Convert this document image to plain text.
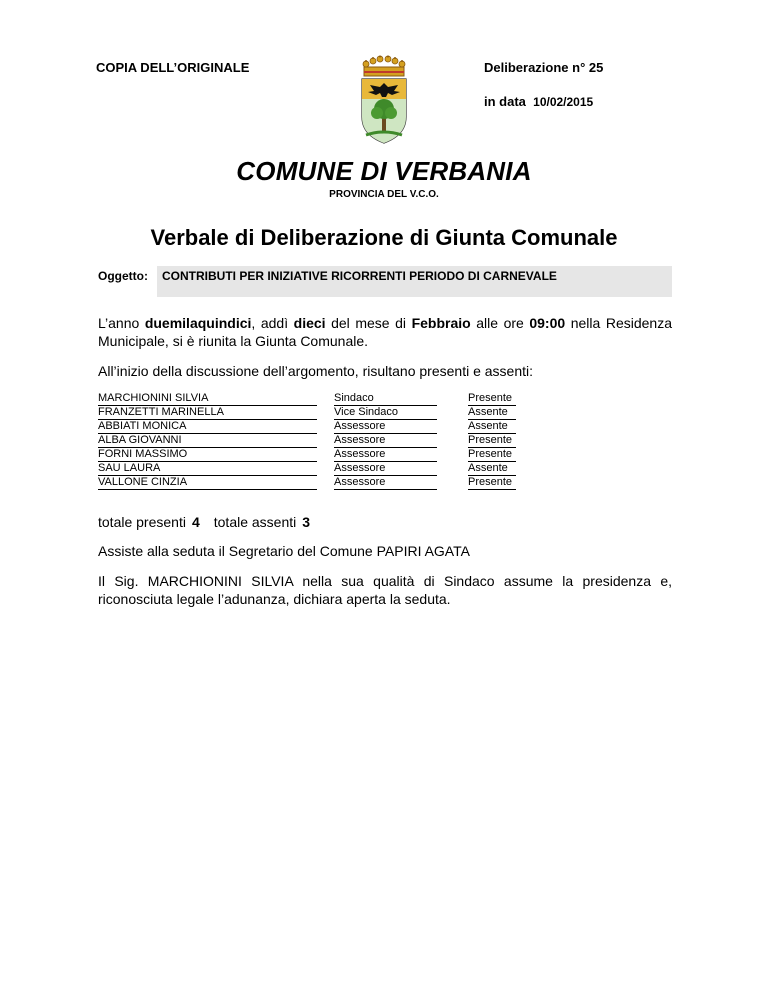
COPIA DELL’ORIGINALE	Deliberazione n° 25
in data 10/02/2015
COMUNE DI VERBANIA
PROVINCIA DEL V.C.O.
Verbale di Deliberazione di Giunta Comunale
Oggetto: CONTRIBUTI PER INIZIATIVE RICORRENTI PERIODO DI CARNEVALE
L’anno duemilaquindici, addì dieci del mese di Febbraio alle ore 09:00 nella Residenza Municipale, si è riunita la Giunta Comunale.
All’inizio della discussione dell’argomento, risultano presenti e assenti:
MARCHIONINI SILVIA		Sindaco		Presente
FRANZETTI MARINELLA		Vice Sindaco		Assente
ABBIATI MONICA		Assessore		Assente
ALBA GIOVANNI		Assessore		Presente
FORNI MASSIMO		Assessore		Presente
SAU LAURA		Assessore		Assente
VALLONE CINZIA		Assessore		Presente
totale presenti 4 totale assenti 3
Assiste alla seduta il Segretario del Comune PAPIRI AGATA
Il Sig. MARCHIONINI SILVIA nella sua qualità di Sindaco assume la presidenza e, riconosciuta legale l’adunanza, dichiara aperta la seduta.
